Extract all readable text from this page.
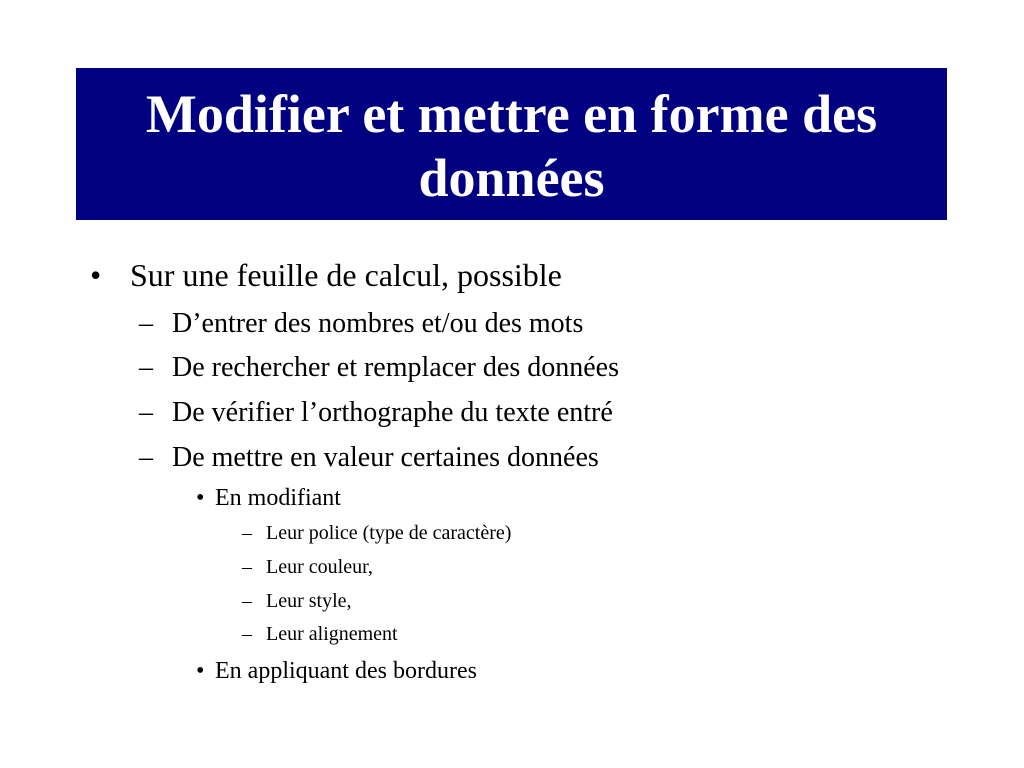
Modifier et mettre en forme des
données
• Sur une feuille de calcul, possible
– D’entrer des nombres et/ou des mots
– De rechercher et remplacer des données
– De vérifier l’orthographe du texte entré
– De mettre en valeur certaines données
• En modifiant
– Leur police (type de caractère)
– Leur couleur,
– Leur style,
– Leur alignement
• En appliquant des bordures
